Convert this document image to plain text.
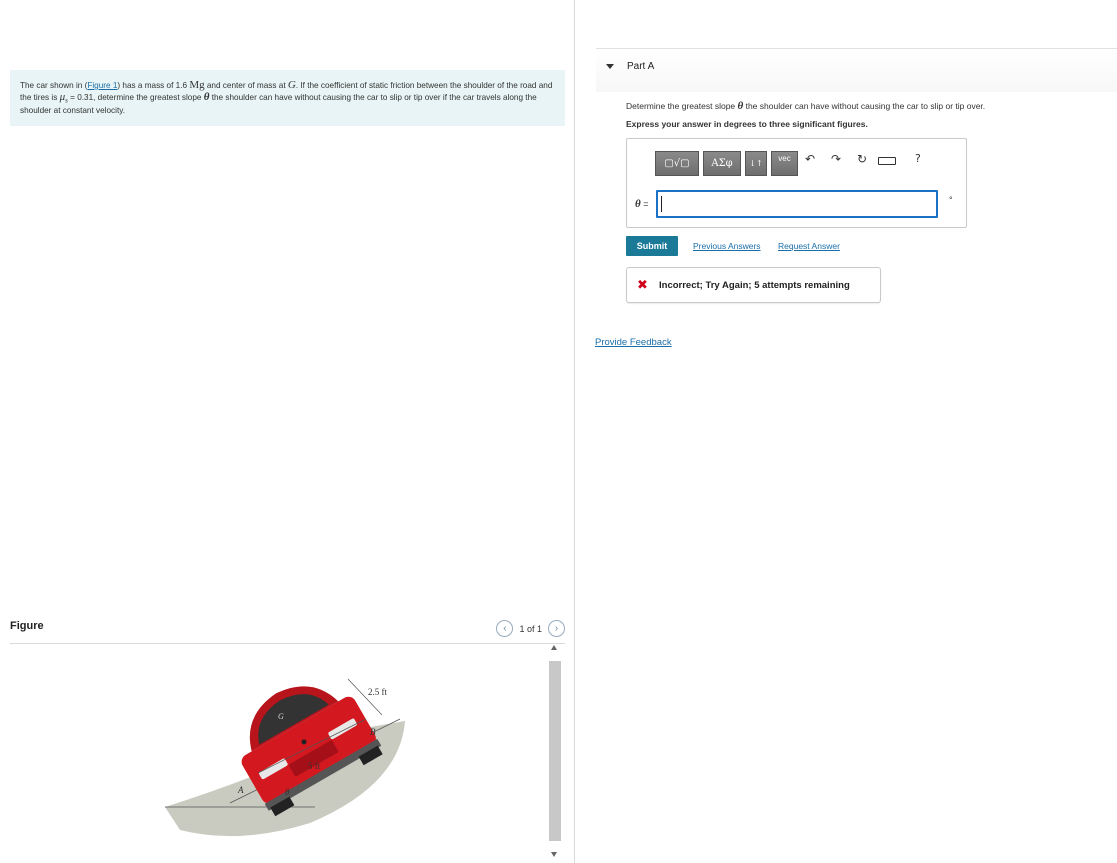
The car shown in (Figure 1) has a mass of 1.6 Mg and center of mass at G. If the coefficient of static friction between the shoulder of the road and the tires is $\mu_s = 0.31$, determine the greatest slope θ the shoulder can have without causing the car to slip or tip over if the car travels along the shoulder at constant velocity.
Figure	‹	1 of 1	›
2.5 ft
5 ft
A
B
G
θ
Part A
Determine the greatest slope θ the shoulder can have without causing the car to slip or tip over.
Express your answer in degrees to three significant figures.
▢√▢	ΑΣφ	↓↑
vec	↶ ↷ ↻	?
θ =	°
Submit	Previous Answers Request Answer
✖ Incorrect; Try Again; 5 attempts remaining
Provide Feedback
